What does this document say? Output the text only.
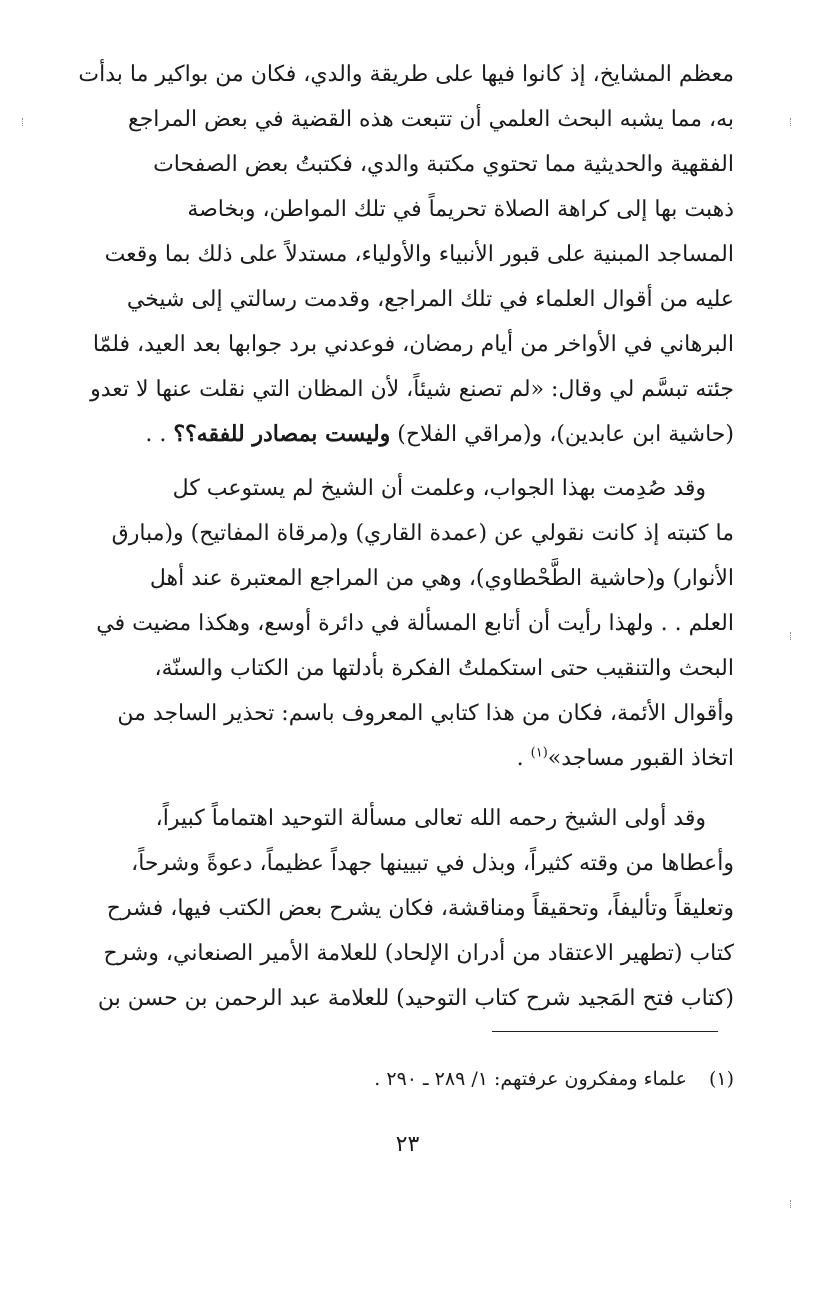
معظم المشايخ، إذ كانوا فيها على طريقة والدي، فكان من بواكير ما بدأت
به، مما يشبه البحث العلمي أن تتبعت هذه القضية في بعض المراجع
الفقهية والحديثية مما تحتوي مكتبة والدي، فكتبتُ بعض الصفحات
ذهبت بها إلى كراهة الصلاة تحريماً في تلك المواطن، وبخاصة
المساجد المبنية على قبور الأنبياء والأولياء، مستدلاً على ذلك بما وقعت
عليه من أقوال العلماء في تلك المراجع، وقدمت رسالتي إلى شيخي
البرهاني في الأواخر من أيام رمضان، فوعدني برد جوابها بعد العيد، فلمّا
جئته تبسَّم لي وقال: «لم تصنع شيئاً، لأن المظان التي نقلت عنها لا تعدو
(حاشية ابن عابدين)، و(مراقي الفلاح) وليست بمصادر للفقه؟؟ . .
وقد صُدِمت بهذا الجواب، وعلمت أن الشيخ لم يستوعب كل
ما كتبته إذ كانت نقولي عن (عمدة القاري) و(مرقاة المفاتيح) و(مبارق
الأنوار) و(حاشية الطَّحْطاوي)، وهي من المراجع المعتبرة عند أهل
العلم . . ولهذا رأيت أن أتابع المسألة في دائرة أوسع، وهكذا مضيت في
البحث والتنقيب حتى استكملتُ الفكرة بأدلتها من الكتاب والسنّة،
وأقوال الأئمة، فكان من هذا كتابي المعروف باسم: تحذير الساجد من
اتخاذ القبور مساجد»$^{(١)}$ .
وقد أولى الشيخ رحمه الله تعالى مسألة التوحيد اهتماماً كبيراً،
وأعطاها من وقته كثيراً، وبذل في تبيينها جهداً عظيماً، دعوةً وشرحاً،
وتعليقاً وتأليفاً، وتحقيقاً ومناقشة، فكان يشرح بعض الكتب فيها، فشرح
كتاب (تطهير الاعتقاد من أدران الإلحاد) للعلامة الأمير الصنعاني، وشرح
(كتاب فتح المَجيد شرح كتاب التوحيد) للعلامة عبد الرحمن بن حسن بن
(١)علماء ومفكرون عرفتهم: ١/ ٢٨٩ ـ ٢٩٠ .
٢٣
